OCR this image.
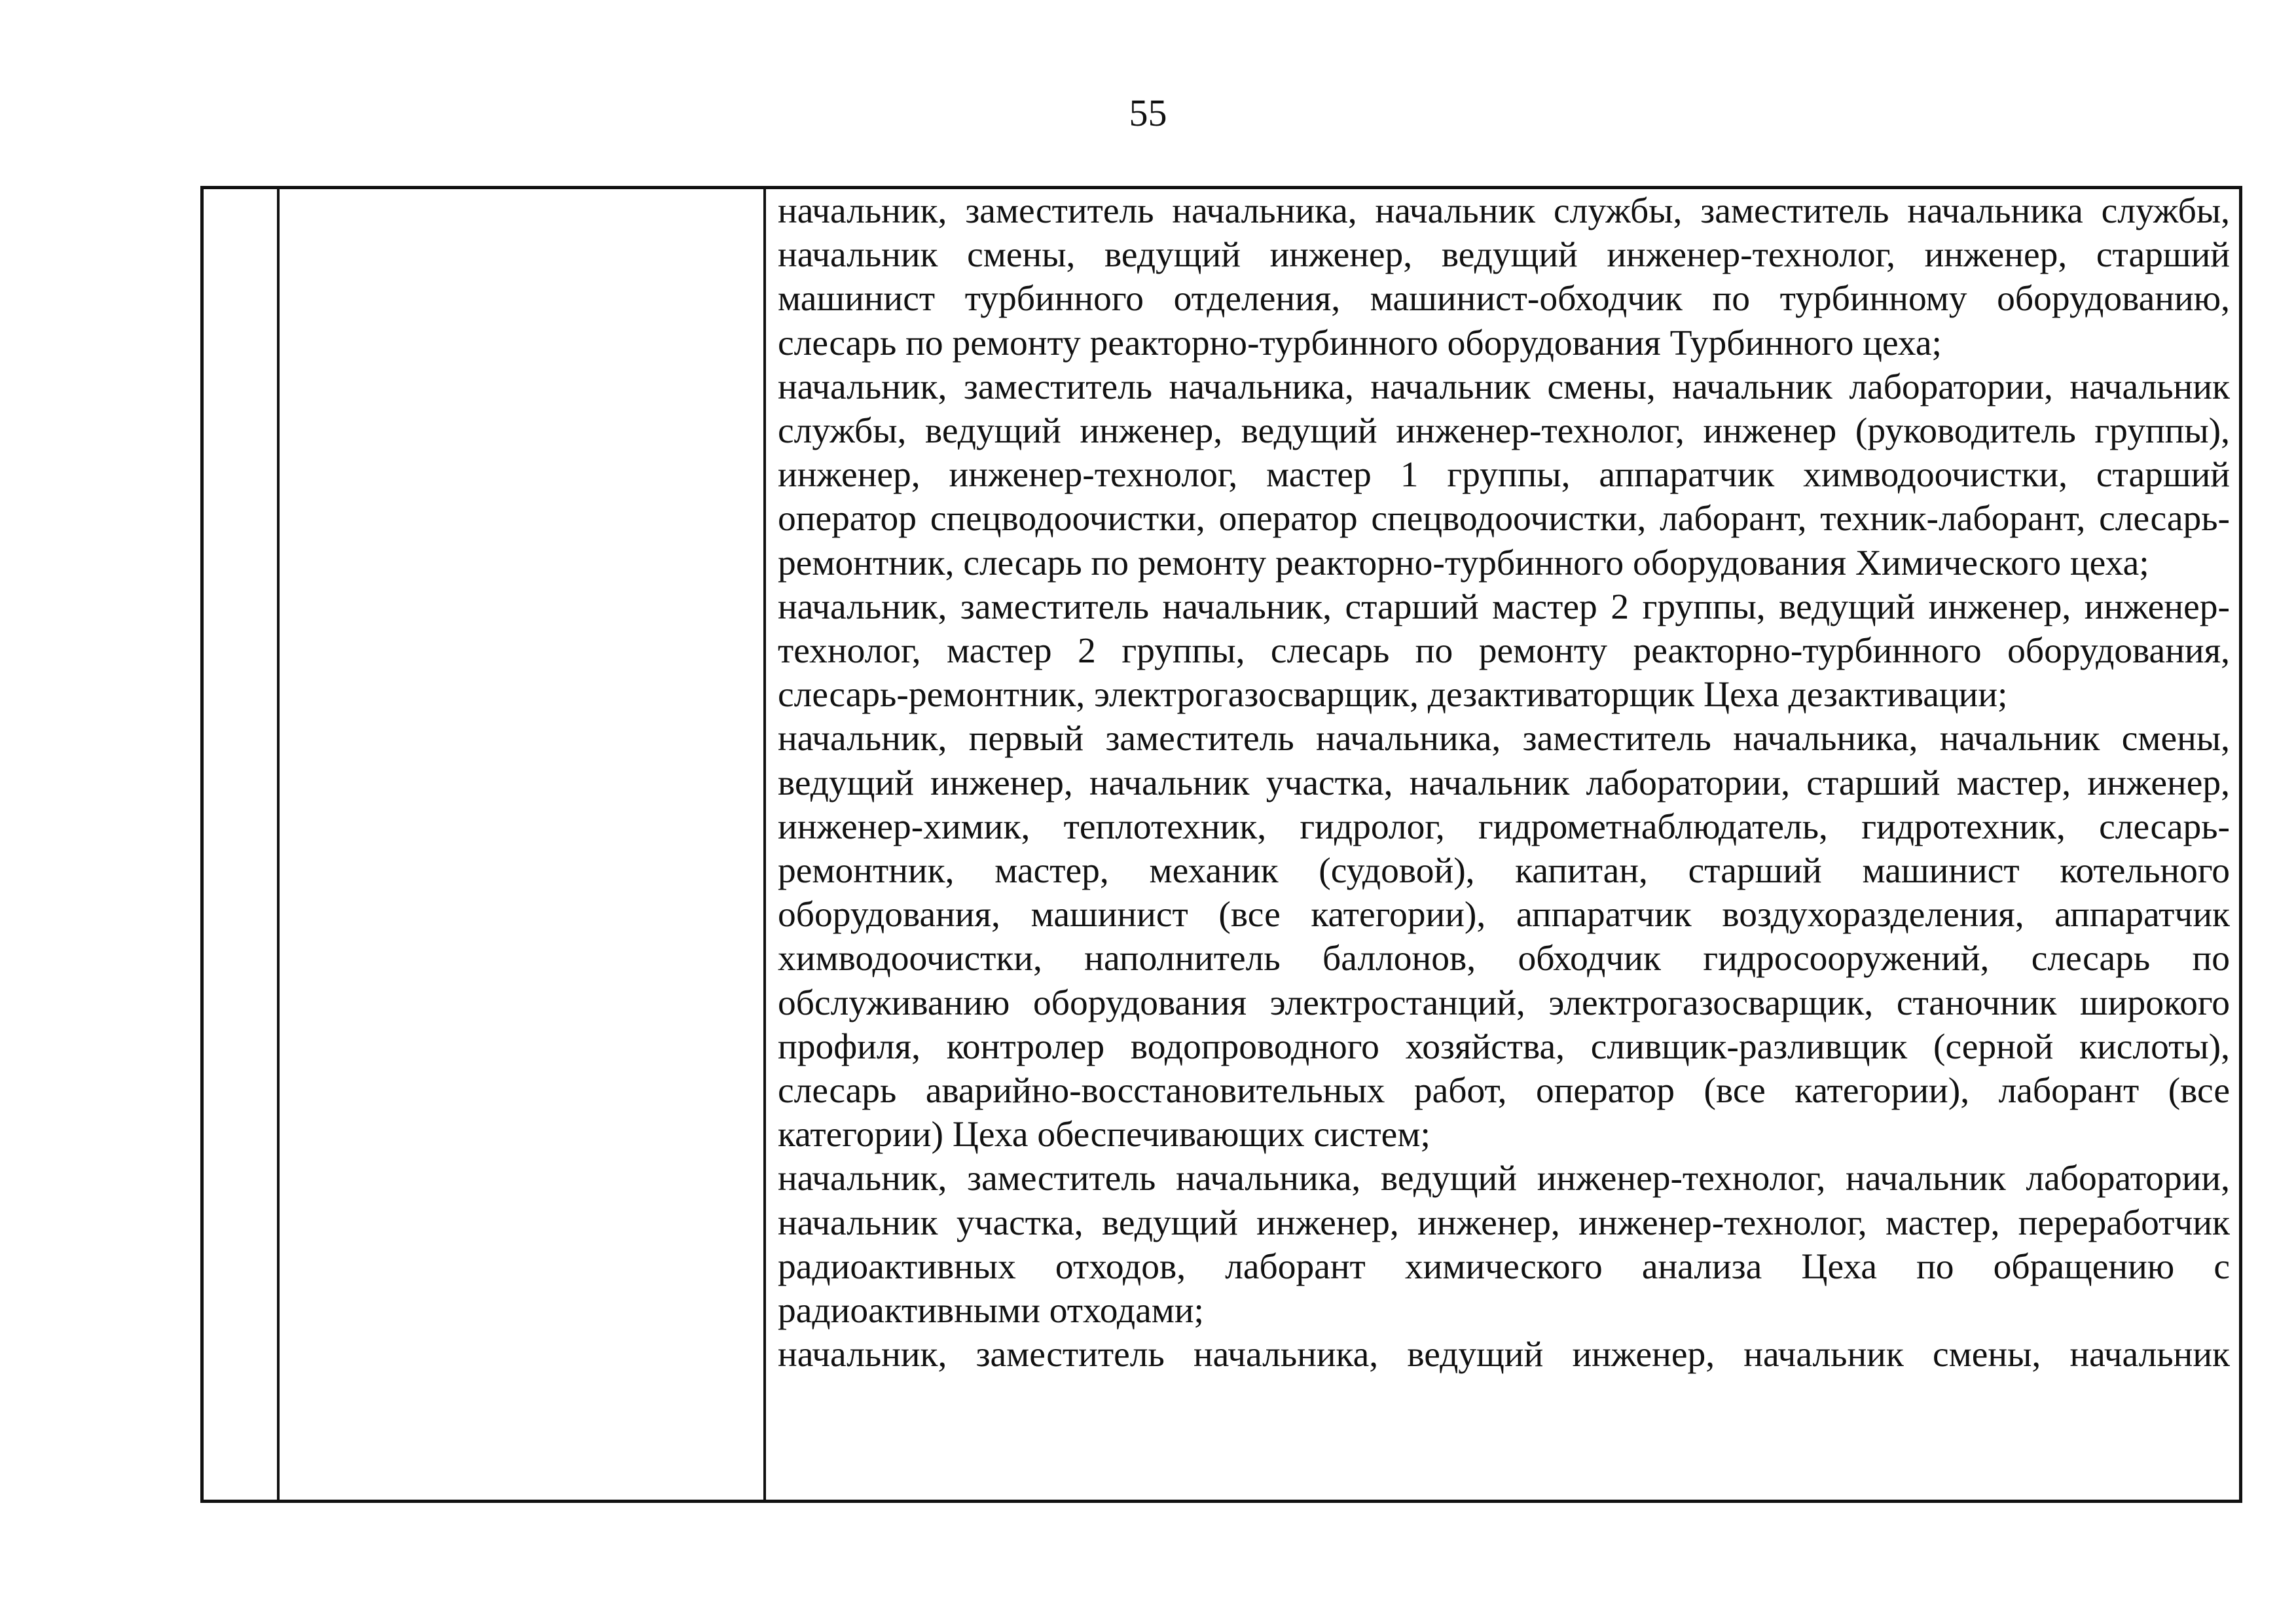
55

начальник, заместитель начальника, начальник службы, заместитель начальника службы, начальник смены, ведущий инженер, ведущий инженер-технолог, инженер, старший машинист турбинного отделения, машинист-обходчик по турбинному оборудованию, слесарь по ремонту реакторно-турбинного оборудования Турбинного цеха;

начальник, заместитель начальника, начальник смены, начальник лаборатории, начальник службы, ведущий инженер, ведущий инженер-технолог, инженер (руководитель группы), инженер, инженер-технолог, мастер 1 группы, аппаратчик химводоочистки, старший оператор спецводоочистки, оператор спецводоочистки, лаборант, техник-лаборант, слесарь-ремонтник, слесарь по ремонту реакторно-турбинного оборудования Химического цеха;

начальник, заместитель начальник, старший мастер 2 группы, ведущий инженер, инженер-технолог, мастер 2 группы, слесарь по ремонту реакторно-турбинного оборудования, слесарь-ремонтник, электрогазосварщик, дезактиваторщик Цеха дезактивации;

начальник, первый заместитель начальника, заместитель начальника, начальник смены, ведущий инженер, начальник участка, начальник лаборатории, старший мастер, инженер, инженер-химик, теплотехник, гидролог, гидрометнаблюдатель, гидротехник, слесарь-ремонтник, мастер, механик (судовой), капитан, старший машинист котельного оборудования, машинист (все категории), аппаратчик воздухоразделения, аппаратчик химводоочистки, наполнитель баллонов, обходчик гидросооружений, слесарь по обслуживанию оборудования электростанций, электрогазосварщик, станочник широкого профиля, контролер водопроводного хозяйства, сливщик-разливщик (серной кислоты), слесарь аварийно-восстановительных работ, оператор (все категории), лаборант (все категории) Цеха обеспечивающих систем;

начальник, заместитель начальника, ведущий инженер-технолог, начальник лаборатории, начальник участка, ведущий инженер, инженер, инженер-технолог, мастер, переработчик радиоактивных отходов, лаборант химического анализа Цеха по обращению с радиоактивными отходами;

начальник, заместитель начальника, ведущий инженер, начальник смены, начальник
